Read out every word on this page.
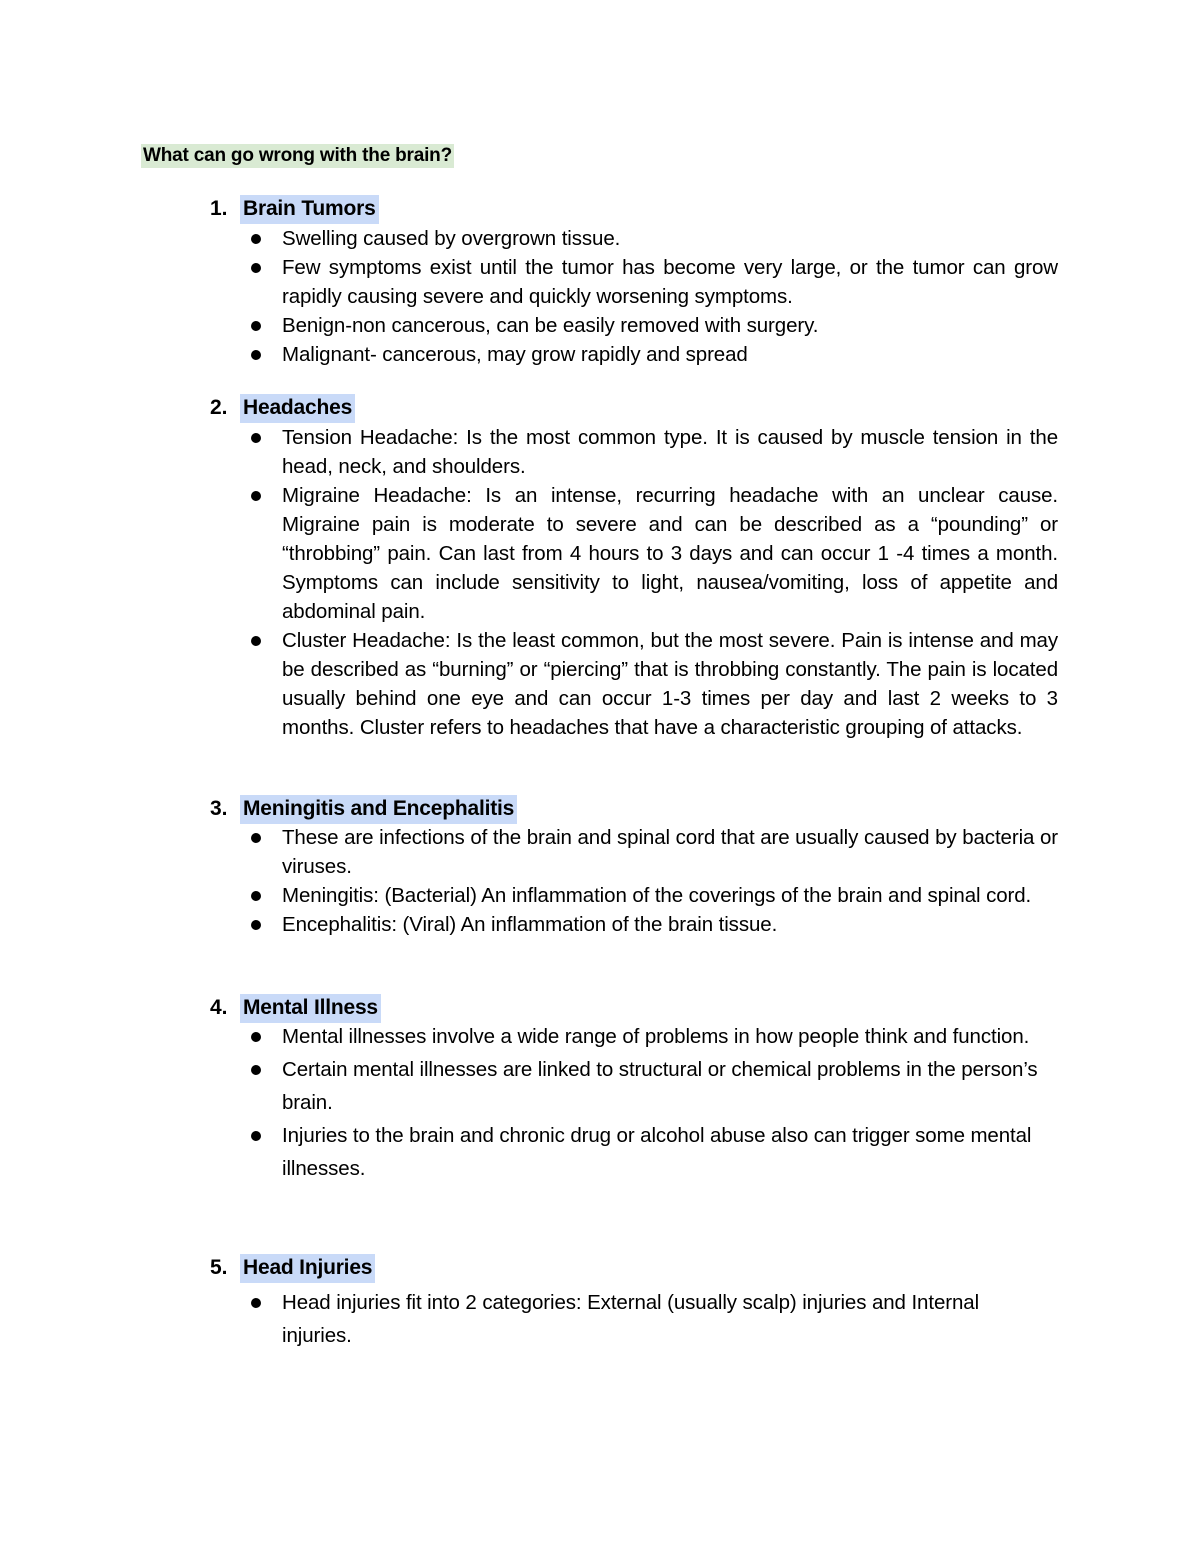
What can go wrong with the brain?
1. Brain Tumors
Swelling caused by overgrown tissue.
Few symptoms exist until the tumor has become very large, or the tumor can grow rapidly causing severe and quickly worsening symptoms.
Benign-non cancerous, can be easily removed with surgery.
Malignant- cancerous, may grow rapidly and spread
2. Headaches
Tension Headache: Is the most common type. It is caused by muscle tension in the head, neck, and shoulders.
Migraine Headache: Is an intense, recurring headache with an unclear cause. Migraine pain is moderate to severe and can be described as a “pounding” or “throbbing” pain. Can last from 4 hours to 3 days and can occur 1 -4 times a month. Symptoms can include sensitivity to light, nausea/vomiting, loss of appetite and abdominal pain.
Cluster Headache: Is the least common, but the most severe. Pain is intense and may be described as “burning” or “piercing” that is throbbing constantly. The pain is located usually behind one eye and can occur 1-3 times per day and last 2 weeks to 3 months. Cluster refers to headaches that have a characteristic grouping of attacks.
3. Meningitis and Encephalitis
These are infections of the brain and spinal cord that are usually caused by bacteria or viruses.
Meningitis: (Bacterial) An inflammation of the coverings of the brain and spinal cord.
Encephalitis: (Viral) An inflammation of the brain tissue.
4. Mental Illness
Mental illnesses involve a wide range of problems in how people think and function.
Certain mental illnesses are linked to structural or chemical problems in the person’s brain.
Injuries to the brain and chronic drug or alcohol abuse also can trigger some mental illnesses.
5. Head Injuries
Head injuries fit into 2 categories: External (usually scalp) injuries and Internal injuries.
